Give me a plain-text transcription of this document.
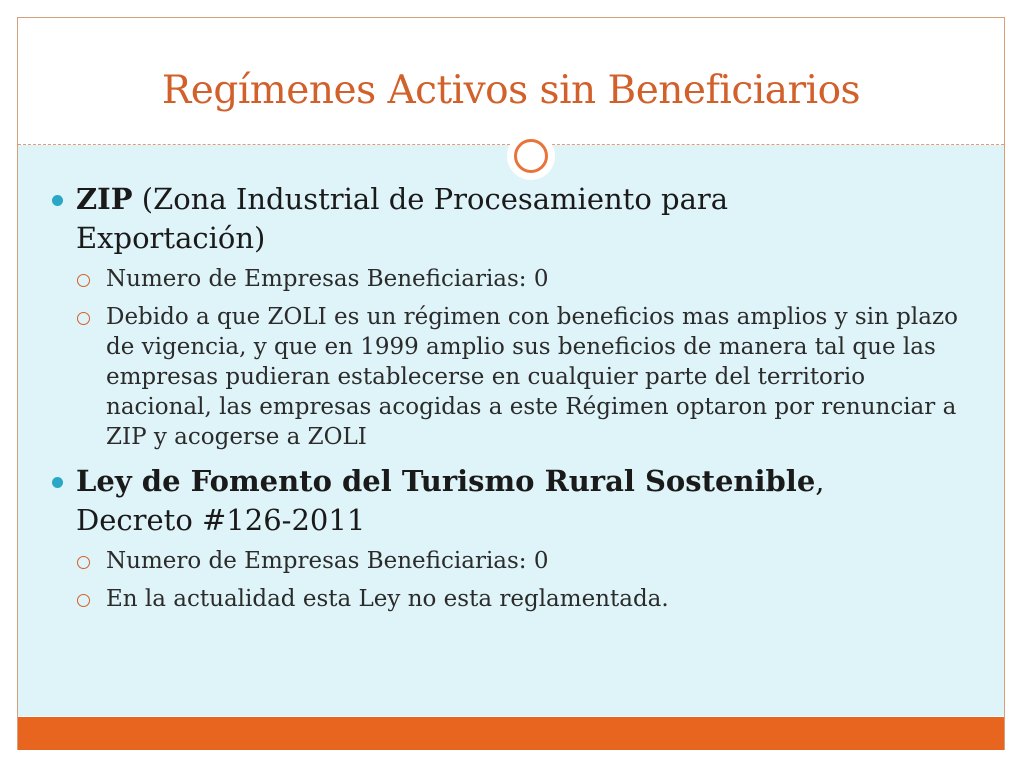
Regímenes Activos sin Beneficiarios
ZIP (Zona Industrial de Procesamiento para Exportación)
Numero de Empresas Beneficiarias: 0
Debido a que ZOLI es un régimen con beneficios mas amplios y sin plazo de vigencia, y que en 1999 amplio sus beneficios de manera tal que las empresas pudieran establecerse en cualquier parte del territorio nacional, las empresas acogidas a este Régimen optaron por renunciar a ZIP y acogerse a ZOLI
Ley de Fomento del Turismo Rural Sostenible, Decreto #126-2011
Numero de Empresas Beneficiarias: 0
En la actualidad esta Ley no esta reglamentada.
